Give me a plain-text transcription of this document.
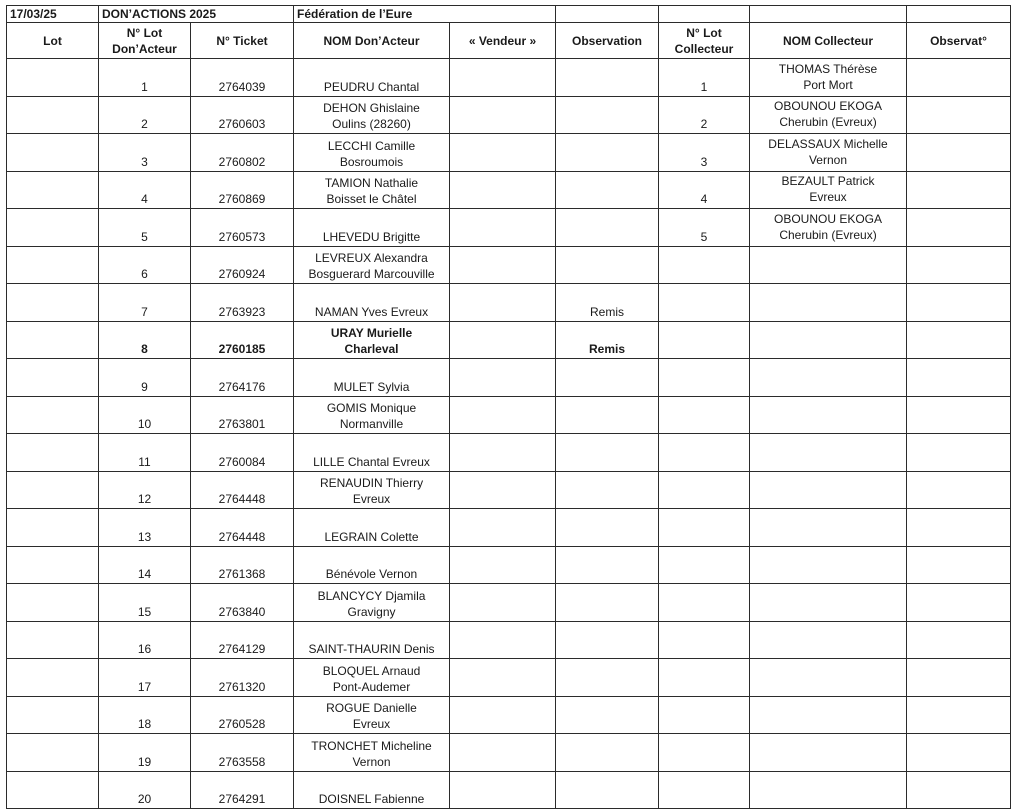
17/03/25	DON’ACTIONS 2025		Fédération de l’Eure					

Lot	N° Lot
Don’Acteur	N° Ticket	NOM Don’Acteur	« Vendeur »	Observation	N° Lot
Collecteur	NOM Collecteur	Observat°

	1	2764039	PEUDRU Chantal			1	THOMAS Thérèse
Port Mort	

	2	2760603	DEHON Ghislaine
Oulins (28260)			2	OBOUNOU EKOGA
Cherubin (Evreux)	

	3	2760802	LECCHI Camille
Bosroumois			3	DELASSAUX Michelle
Vernon	

	4	2760869	TAMION Nathalie
Boisset le Châtel			4	BEZAULT Patrick
Evreux	

	5	2760573	LHEVEDU Brigitte			5	OBOUNOU EKOGA
Cherubin (Evreux)	

	6	2760924	LEVREUX Alexandra
Bosguerard Marcouville					

	7	2763923	NAMAN Yves Evreux		Remis			

	8	2760185	URAY Murielle
Charleval		Remis			

	9	2764176	MULET Sylvia					

	10	2763801	GOMIS Monique
Normanville					

	11	2760084	LILLE Chantal Evreux					

	12	2764448	RENAUDIN Thierry
Evreux					

	13	2764448	LEGRAIN Colette					

	14	2761368	Bénévole Vernon					

	15	2763840	BLANCYCY Djamila
Gravigny					

	16	2764129	SAINT-THAURIN Denis					

	17	2761320	BLOQUEL Arnaud
Pont-Audemer					

	18	2760528	ROGUE Danielle
Evreux					

	19	2763558	TRONCHET Micheline
Vernon					

	20	2764291	DOISNEL Fabienne					
